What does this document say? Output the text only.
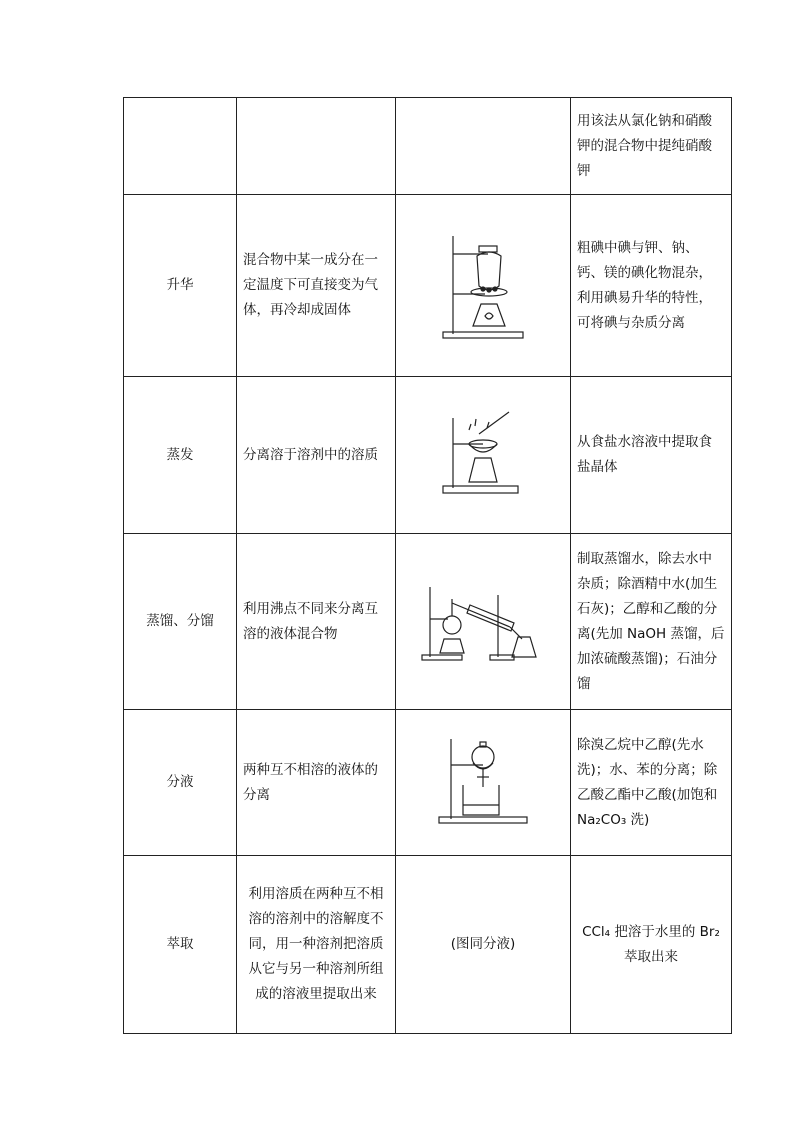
			用该法从氯化钠和硝酸钾的混合物中提纯硝酸钾
升华	混合物中某一成分在一定温度下可直接变为气体，再冷却成固体		粗碘中碘与钾、钠、钙、镁的碘化物混杂，利用碘易升华的特性，可将碘与杂质分离
蒸发	分离溶于溶剂中的溶质		从食盐水溶液中提取食盐晶体
蒸馏、分馏	利用沸点不同来分离互溶的液体混合物		制取蒸馏水，除去水中杂质；除酒精中水(加生石灰)；乙醇和乙酸的分离(先加 NaOH 蒸馏，后加浓硫酸蒸馏)；石油分馏
分液	两种互不相溶的液体的分离		除溴乙烷中乙醇(先水洗)；水、苯的分离；除乙酸乙酯中乙酸(加饱和 Na₂CO₃ 洗)
萃取	利用溶质在两种互不相溶的溶剂中的溶解度不同，用一种溶剂把溶质从它与另一种溶剂所组成的溶液里提取出来	(图同分液)	CCl₄ 把溶于水里的 Br₂ 萃取出来
